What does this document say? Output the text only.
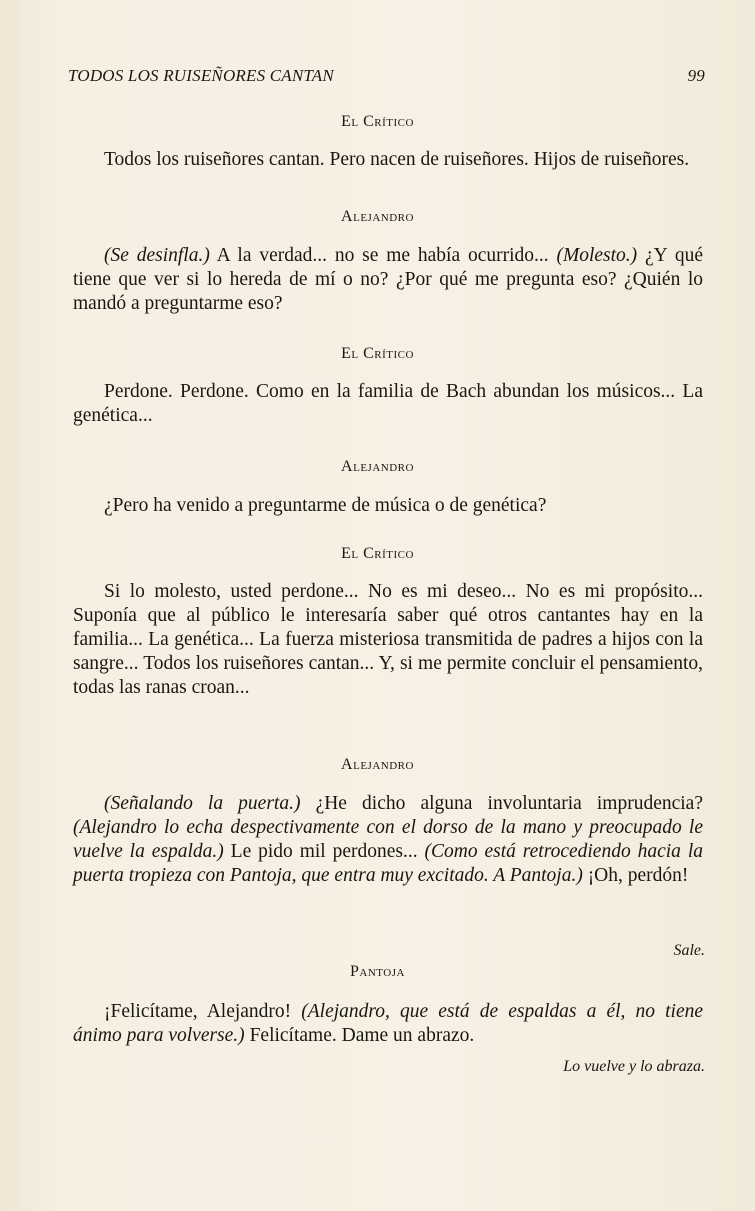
TODOS LOS RUISEÑORES CANTAN	99
El Crítico
Todos los ruiseñores cantan. Pero nacen de ruiseñores. Hijos de ruiseñores.
Alejandro
(Se desinfla.) A la verdad... no se me había ocurrido... (Molesto.) ¿Y qué tiene que ver si lo hereda de mí o no? ¿Por qué me pregunta eso? ¿Quién lo mandó a preguntarme eso?
El Crítico
Perdone. Perdone. Como en la familia de Bach abundan los músicos... La genética...
Alejandro
¿Pero ha venido a preguntarme de música o de genética?
El Crítico
Si lo molesto, usted perdone... No es mi deseo... No es mi propósito... Suponía que al público le interesaría saber qué otros cantantes hay en la familia... La genética... La fuerza misteriosa transmitida de padres a hijos con la sangre... Todos los ruiseñores cantan... Y, si me permite concluir el pensamiento, todas las ranas croan...
Alejandro
(Señalando la puerta.) ¿He dicho alguna involuntaria imprudencia? (Alejandro lo echa despectivamente con el dorso de la mano y preocupado le vuelve la espalda.) Le pido mil perdones... (Como está retrocediendo hacia la puerta tropieza con Pantoja, que entra muy excitado. A Pantoja.) ¡Oh, perdón!
Sale.
Pantoja
¡Felicítame, Alejandro! (Alejandro, que está de espaldas a él, no tiene ánimo para volverse.) Felicítame. Dame un abrazo.
Lo vuelve y lo abraza.
